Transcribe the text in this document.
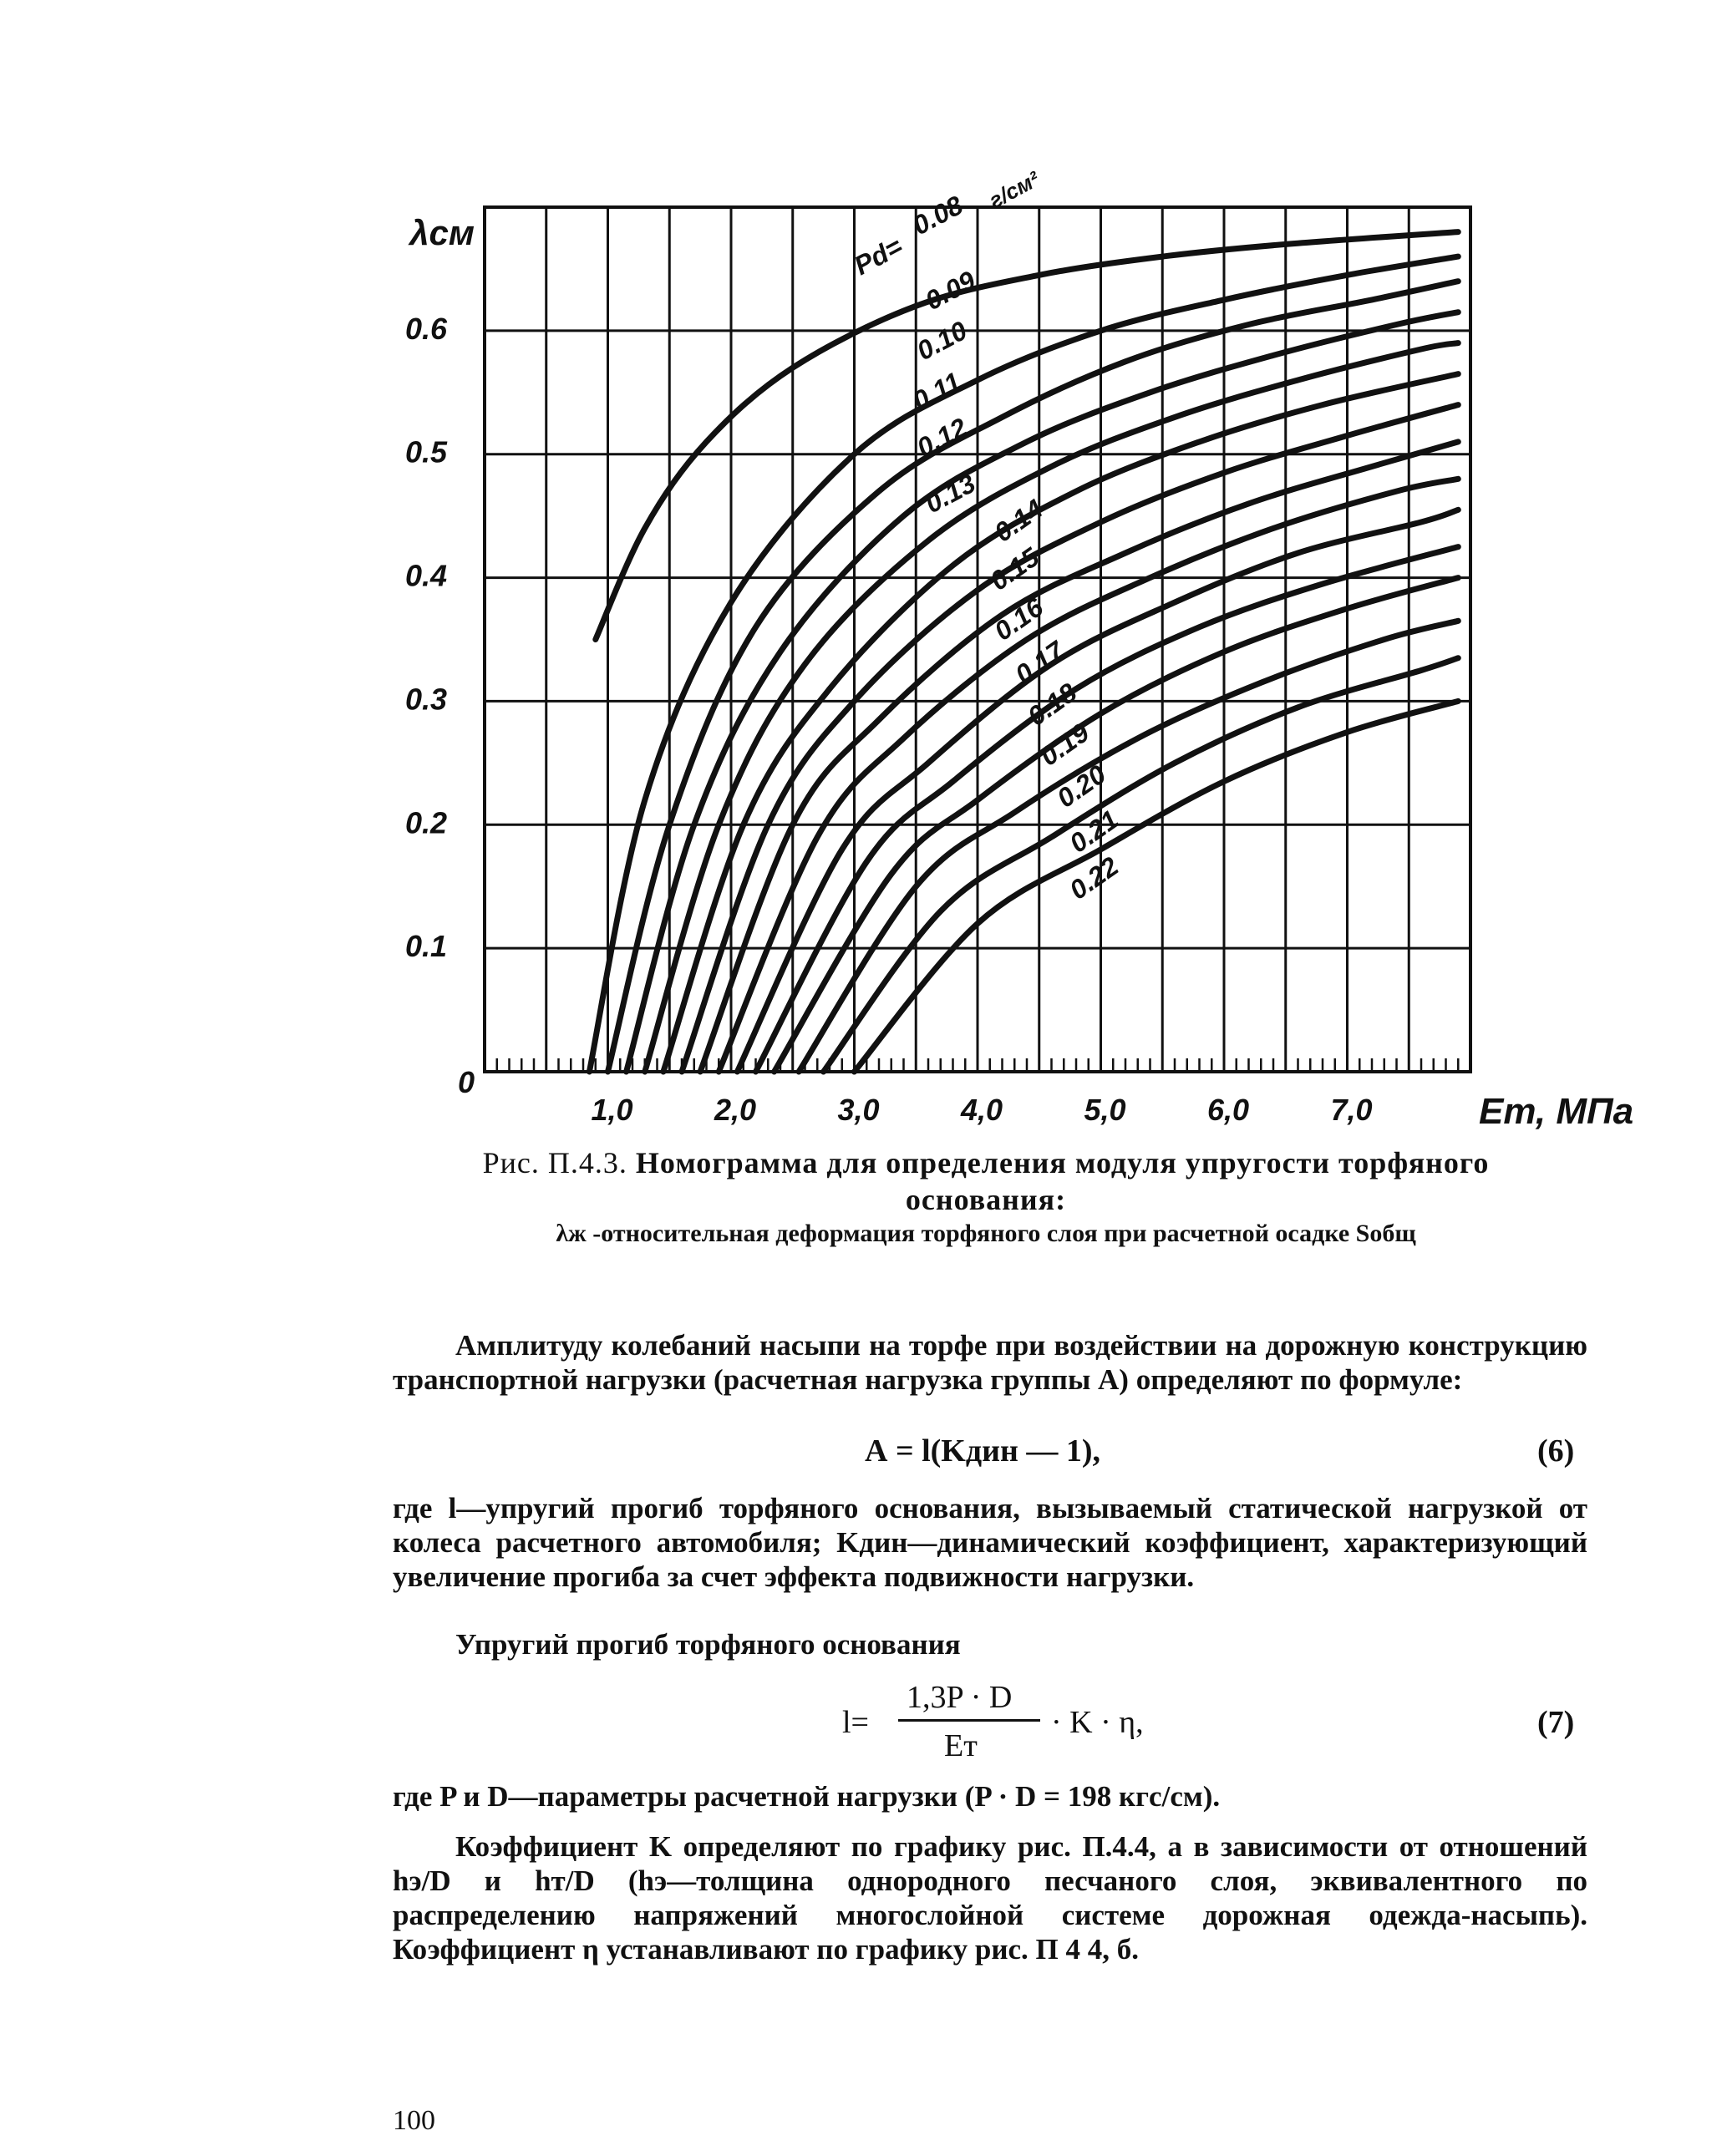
0.08
0.09
0.10
0.11
0.12
0.13 0.14
0.15
0.16
0.17
0.18
0.19
0.20
0.21
0.22
Pd=
г/см²
0.1
0.2
0.3
0.4
0.5
0.6
1,0	2,0	3,0	4,0	5,0	6,0	7,0
0
λсм
Eт, МПа
Рис. П.4.3. Номограмма для определения модуля упругости торфяного
основания:
λж -относительная деформация торфяного слоя при расчетной осадке Sобщ
Амплитуду колебаний насыпи на торфе при воздействии на дорожную конструкцию транспортной нагрузки (расчетная нагрузка группы А) определяют по формуле:
А = l(Kдин — 1),	(6)
где l—упругий прогиб торфяного основания, вызываемый статической нагрузкой от колеса расчетного автомобиля; Kдин—динамический коэффициент, характеризующий увеличение прогиба за счет эффекта подвижности нагрузки.
Упругий прогиб торфяного основания
l=
1,3P · D
Eт
· K · η,	(7)
где P и D—параметры расчетной нагрузки (P · D = 198 кгс/см).
Коэффициент K определяют по графику рис. П.4.4, a в зависимости от отношений hэ/D и hт/D (hэ—толщина однородного песчаного слоя, эквивалентного по распределению напряжений многослойной системе дорожная одежда-насыпь). Коэффициент η устанавливают по графику рис. П 4 4, б.
100
